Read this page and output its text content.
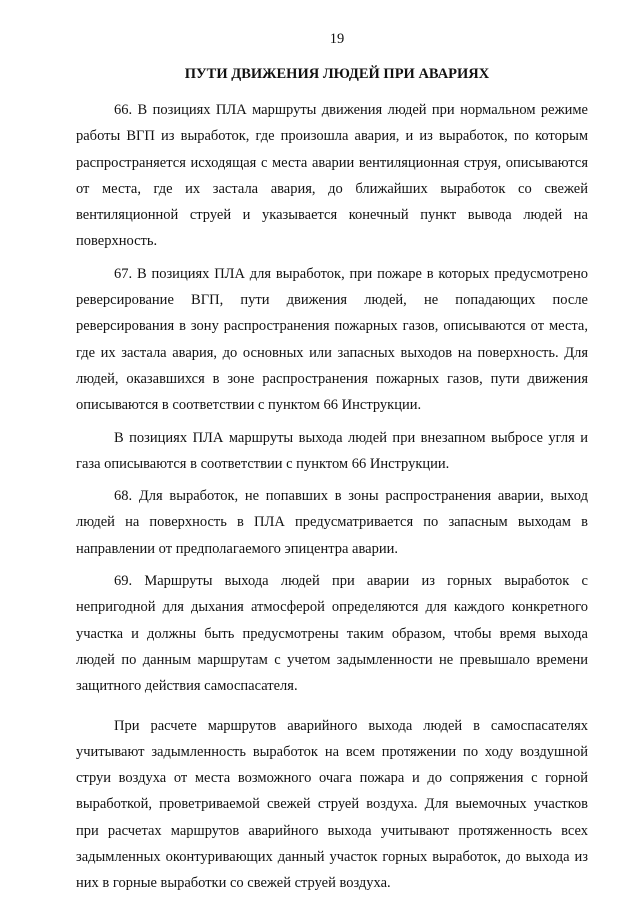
19
ПУТИ ДВИЖЕНИЯ ЛЮДЕЙ ПРИ АВАРИЯХ

66. В позициях ПЛА маршруты движения людей при нормальном режиме работы ВГП из выработок, где произошла авария, и из выработок, по которым распространяется исходящая с места аварии вентиляционная струя, описываются от места, где их застала авария, до ближайших выработок со свежей вентиляционной струей и указывается конечный пункт вывода людей на поверхность.

67. В позициях ПЛА для выработок, при пожаре в которых предусмотрено реверсирование ВГП, пути движения людей, не попадающих после реверсирования в зону распространения пожарных газов, описываются от места, где их застала авария, до основных или запасных выходов на поверхность. Для людей, оказавшихся в зоне распространения пожарных газов, пути движения описываются в соответствии с пунктом 66 Инструкции.

В позициях ПЛА маршруты выхода людей при внезапном выбросе угля и газа описываются в соответствии с пунктом 66 Инструкции.

68. Для выработок, не попавших в зоны распространения аварии, выход людей на поверхность в ПЛА предусматривается по запасным выходам в направлении от предполагаемого эпицентра аварии.

69. Маршруты выхода людей при аварии из горных выработок с непригодной для дыхания атмосферой определяются для каждого конкретного участка и должны быть предусмотрены таким образом, чтобы время выхода людей по данным маршрутам с учетом задымленности не превышало времени защитного действия самоспасателя.

При расчете маршрутов аварийного выхода людей в самоспасателях учитывают задымленность выработок на всем протяжении по ходу воздушной струи воздуха от места возможного очага пожара и до сопряжения с горной выработкой, проветриваемой свежей струей воздуха. Для выемочных участков при расчетах маршрутов аварийного выхода учитывают протяженность всех задымленных оконтуривающих данный участок горных выработок, до выхода из них в горные выработки со свежей струей воздуха.
